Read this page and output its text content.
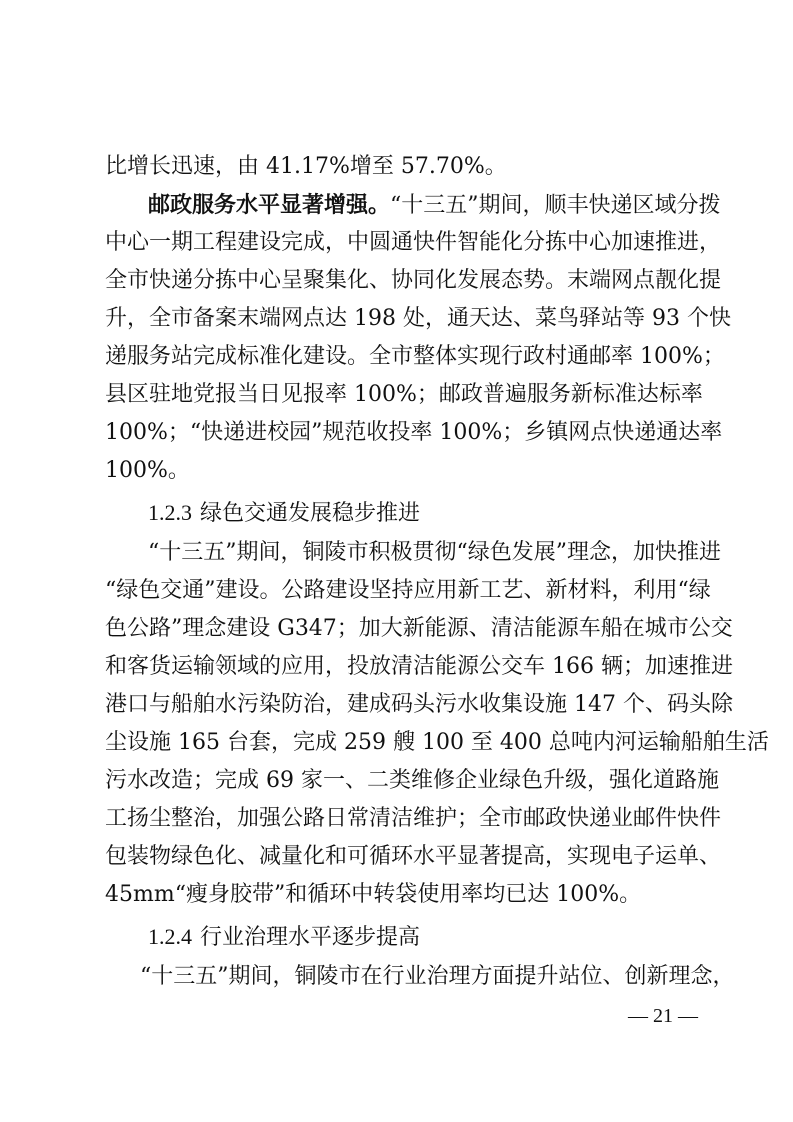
比增长迅速，由 41.17%增至 57.70%。
邮政服务水平显著增强。“十三五”期间，顺丰快递区域分拨
中心一期工程建设完成，中圆通快件智能化分拣中心加速推进，
全市快递分拣中心呈聚集化、协同化发展态势。末端网点靓化提
升，全市备案末端网点达 198 处，通天达、菜鸟驿站等 93 个快
递服务站完成标准化建设。全市整体实现行政村通邮率 100%；
县区驻地党报当日见报率 100%；邮政普遍服务新标准达标率
100%；“快递进校园”规范收投率 100%；乡镇网点快递通达率
100%。
1.2.3 绿色交通发展稳步推进
“十三五”期间，铜陵市积极贯彻“绿色发展”理念，加快推进
“绿色交通”建设。公路建设坚持应用新工艺、新材料，利用“绿
色公路”理念建设 G347；加大新能源、清洁能源车船在城市公交
和客货运输领域的应用，投放清洁能源公交车 166 辆；加速推进
港口与船舶水污染防治，建成码头污水收集设施 147 个、码头除
尘设施 165 台套，完成 259 艘 100 至 400 总吨内河运输船舶生活
污水改造；完成 69 家一、二类维修企业绿色升级，强化道路施
工扬尘整治，加强公路日常清洁维护；全市邮政快递业邮件快件
包装物绿色化、减量化和可循环水平显著提高，实现电子运单、
45mm“瘦身胶带”和循环中转袋使用率均已达 100%。
1.2.4 行业治理水平逐步提高
“十三五”期间，铜陵市在行业治理方面提升站位、创新理念，
— 21 —
